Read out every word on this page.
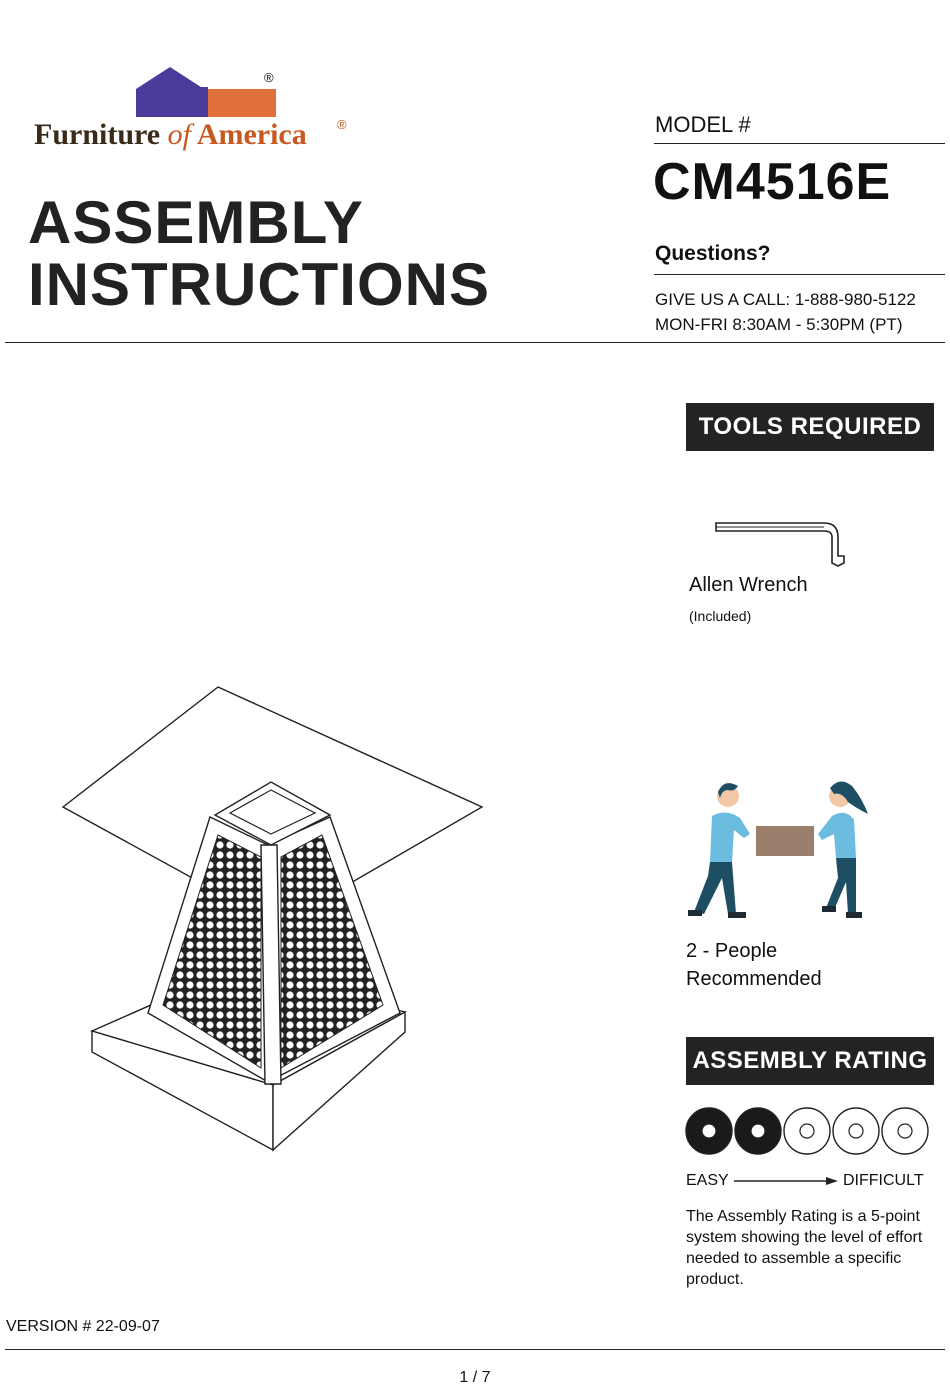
®
Furniture of America ®
ASSEMBLY
INSTRUCTIONS
MODEL #
CM4516E
Questions?
GIVE US A CALL: 1-888-980-5122
MON-FRI 8:30AM - 5:30PM (PT)
TOOLS REQUIRED
Allen Wrench
(Included)
2 - People
Recommended
ASSEMBLY RATING
EASY	DIFFICULT
The Assembly Rating is a 5-point system showing the level of effort needed to assemble a specific product.
VERSION # 22-09-07
1 / 7
